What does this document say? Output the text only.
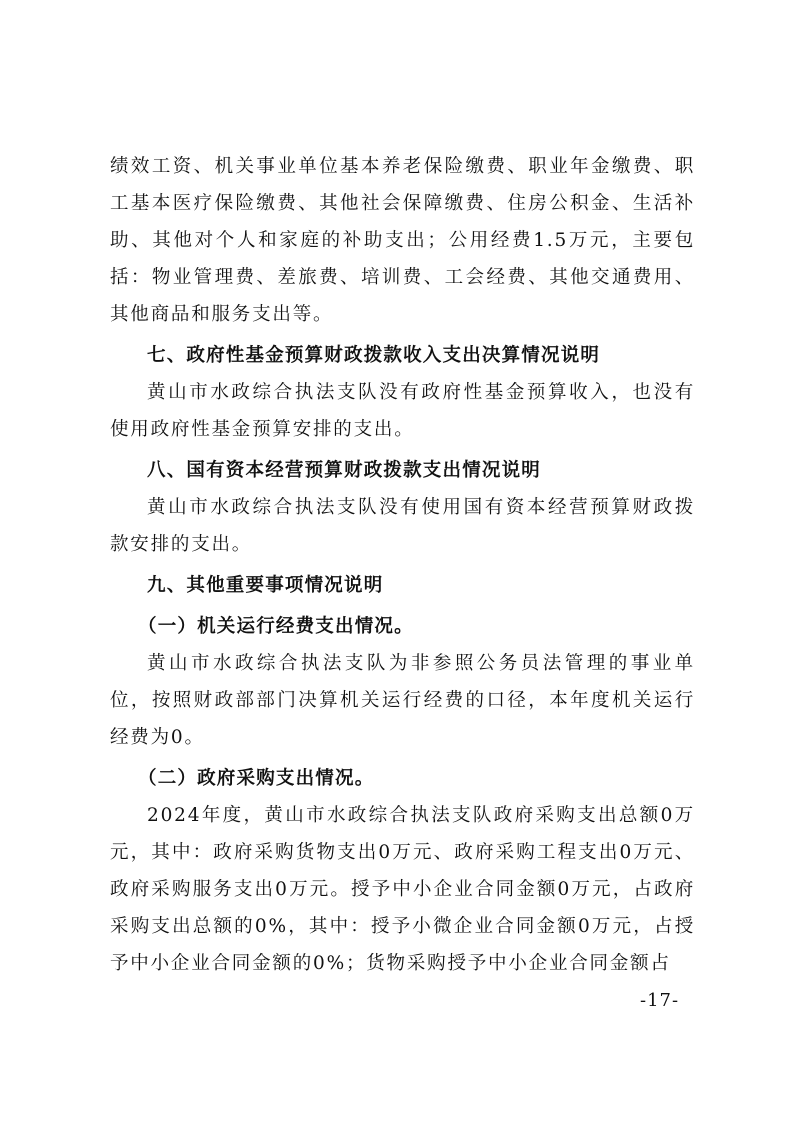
绩效工资、机关事业单位基本养老保险缴费、职业年金缴费、职工基本医疗保险缴费、其他社会保障缴费、住房公积金、生活补助、其他对个人和家庭的补助支出；公用经费1.5万元，主要包括：物业管理费、差旅费、培训费、工会经费、其他交通费用、其他商品和服务支出等。

七、政府性基金预算财政拨款收入支出决算情况说明

黄山市水政综合执法支队没有政府性基金预算收入，也没有使用政府性基金预算安排的支出。

八、国有资本经营预算财政拨款支出情况说明

黄山市水政综合执法支队没有使用国有资本经营预算财政拨款安排的支出。

九、其他重要事项情况说明

（一）机关运行经费支出情况。

黄山市水政综合执法支队为非参照公务员法管理的事业单位，按照财政部部门决算机关运行经费的口径，本年度机关运行经费为0。

（二）政府采购支出情况。

2024年度，黄山市水政综合执法支队政府采购支出总额0万元，其中：政府采购货物支出0万元、政府采购工程支出0万元、政府采购服务支出0万元。授予中小企业合同金额0万元，占政府采购支出总额的0%，其中：授予小微企业合同金额0万元，占授予中小企业合同金额的0%；货物采购授予中小企业合同金额占

-17-
